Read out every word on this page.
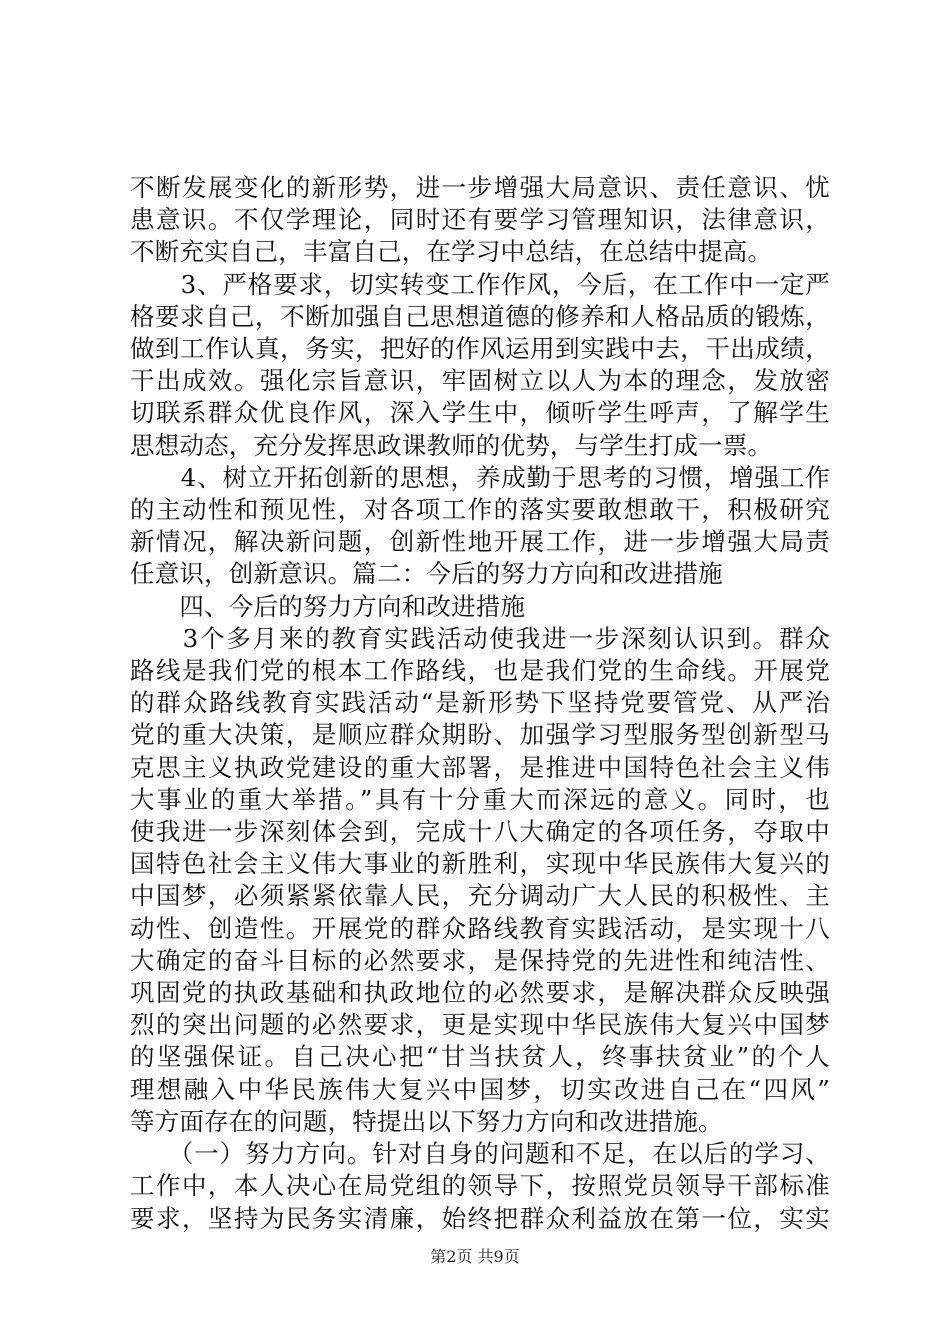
不断发展变化的新形势，进一步增强大局意识、责任意识、忧
患意识。不仅学理论，同时还有要学习管理知识，法律意识，
不断充实自己，丰富自己，在学习中总结，在总结中提高。
　　3、严格要求，切实转变工作作风，今后，在工作中一定严
格要求自己，不断加强自己思想道德的修养和人格品质的锻炼，
做到工作认真，务实，把好的作风运用到实践中去，干出成绩，
干出成效。强化宗旨意识，牢固树立以人为本的理念，发放密
切联系群众优良作风，深入学生中，倾听学生呼声，了解学生
思想动态，充分发挥思政课教师的优势，与学生打成一票。
　　4、树立开拓创新的思想，养成勤于思考的习惯，增强工作
的主动性和预见性，对各项工作的落实要敢想敢干，积极研究
新情况，解决新问题，创新性地开展工作，进一步增强大局责
任意识，创新意识。篇二：今后的努力方向和改进措施
　　四、今后的努力方向和改进措施
　　3个多月来的教育实践活动使我进一步深刻认识到。群众
路线是我们党的根本工作路线，也是我们党的生命线。开展党
的群众路线教育实践活动“是新形势下坚持党要管党、从严治
党的重大决策，是顺应群众期盼、加强学习型服务型创新型马
克思主义执政党建设的重大部署，是推进中国特色社会主义伟
大事业的重大举措。”具有十分重大而深远的意义。同时，也
使我进一步深刻体会到，完成十八大确定的各项任务，夺取中
国特色社会主义伟大事业的新胜利，实现中华民族伟大复兴的
中国梦，必须紧紧依靠人民，充分调动广大人民的积极性、主
动性、创造性。开展党的群众路线教育实践活动，是实现十八
大确定的奋斗目标的必然要求，是保持党的先进性和纯洁性、
巩固党的执政基础和执政地位的必然要求，是解决群众反映强
烈的突出问题的必然要求，更是实现中华民族伟大复兴中国梦
的坚强保证。自己决心把“甘当扶贫人，终事扶贫业”的个人
理想融入中华民族伟大复兴中国梦，切实改进自己在“四风”
等方面存在的问题，特提出以下努力方向和改进措施。
　　（一）努力方向。针对自身的问题和不足，在以后的学习、
工作中，本人决心在局党组的领导下，按照党员领导干部标准
要求，坚持为民务实清廉，始终把群众利益放在第一位，实实
第2页 共9页
